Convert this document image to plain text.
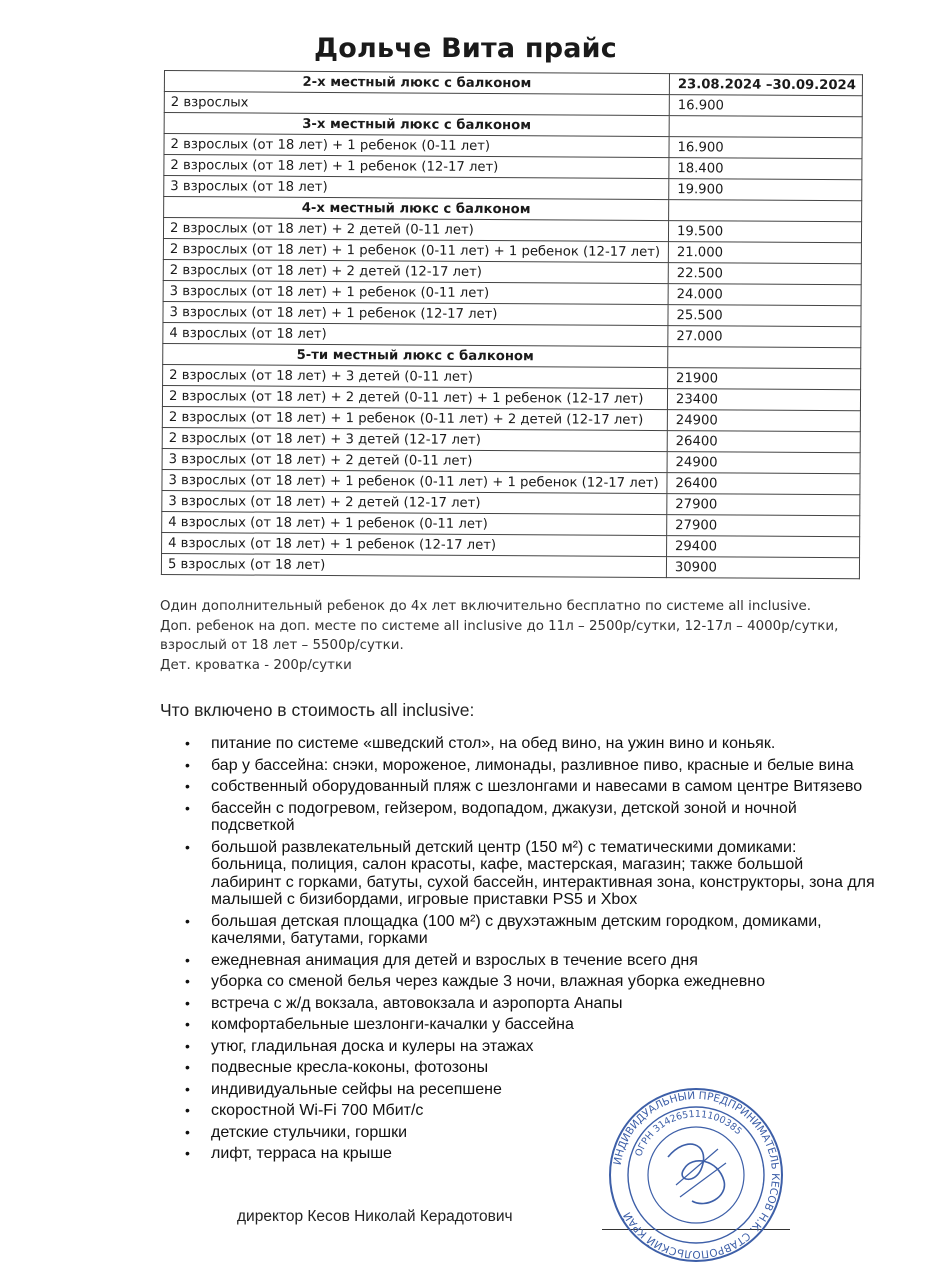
Дольче Вита прайс
2-х местный люкс с балконом	23.08.2024 –30.09.2024
2 взрослых	16.900
3-х местный люкс с балконом	
2 взрослых (от 18 лет) + 1 ребенок (0-11 лет)	16.900
2 взрослых (от 18 лет) + 1 ребенок (12-17 лет)	18.400
3 взрослых (от 18 лет)	19.900
4-х местный люкс с балконом	
2 взрослых (от 18 лет) + 2 детей (0-11 лет)	19.500
2 взрослых (от 18 лет) + 1 ребенок (0-11 лет) + 1 ребенок (12-17 лет)	21.000
2 взрослых (от 18 лет) + 2 детей (12-17 лет)	22.500
3 взрослых (от 18 лет) + 1 ребенок (0-11 лет)	24.000
3 взрослых (от 18 лет) + 1 ребенок (12-17 лет)	25.500
4 взрослых (от 18 лет)	27.000
5-ти местный люкс с балконом	
2 взрослых (от 18 лет) + 3 детей (0-11 лет)	21900
2 взрослых (от 18 лет) + 2 детей (0-11 лет) + 1 ребенок (12-17 лет)	23400
2 взрослых (от 18 лет) + 1 ребенок (0-11 лет) + 2 детей (12-17 лет)	24900
2 взрослых (от 18 лет) + 3 детей (12-17 лет)	26400
3 взрослых (от 18 лет) + 2 детей (0-11 лет)	24900
3 взрослых (от 18 лет) + 1 ребенок (0-11 лет) + 1 ребенок (12-17 лет)	26400
3 взрослых (от 18 лет) + 2 детей (12-17 лет)	27900
4 взрослых (от 18 лет) + 1 ребенок (0-11 лет)	27900
4 взрослых (от 18 лет) + 1 ребенок (12-17 лет)	29400
5 взрослых (от 18 лет)	30900

Один дополнительный ребенок до 4х лет включительно бесплатно по системе all inclusive.

Доп. ребенок на доп. месте по системе all inclusive до 11л – 2500р/сутки, 12-17л – 4000р/сутки, взрослый от 18 лет – 5500р/сутки.

Дет. кроватка - 200р/сутки

Что включено в стоимость all inclusive:
• питание по системе «шведский стол», на обед вино, на ужин вино и коньяк.
• бар у бассейна: снэки, мороженое, лимонады, разливное пиво, красные и белые вина
• собственный оборудованный пляж с шезлонгами и навесами в самом центре Витязево
• бассейн с подогревом, гейзером, водопадом, джакузи, детской зоной и ночной подсветкой
• большой развлекательный детский центр (150 м²) с тематическими домиками: больница, полиция, салон красоты, кафе, мастерская, магазин; также большой лабиринт с горками, батуты, сухой бассейн, интерактивная зона, конструкторы, зона для малышей с бизибордами, игровые приставки PS5 и Xbox
• большая детская площадка (100 м²) с двухэтажным детским городком, домиками, качелями, батутами, горками
• ежедневная анимация для детей и взрослых в течение всего дня
• уборка со сменой белья через каждые 3 ночи, влажная уборка ежедневно
• встреча с ж/д вокзала, автовокзала и аэропорта Анапы
• комфортабельные шезлонги-качалки у бассейна
• утюг, гладильная доска и кулеры на этажах
• подвесные кресла-коконы, фотозоны
• индивидуальные сейфы на ресепшене
• скоростной Wi-Fi 700 Мбит/с
• детские стульчики, горшки
• лифт, терраса на крыше
директор Кесов Николай Керадотович
ИНДИВИДУАЛЬНЫЙ ПРЕДПРИНИМАТЕЛЬ КЕСОВ Н.К. СТАВРОПОЛЬСКИЙ КРАЙ
ОГРН 314265111100385
